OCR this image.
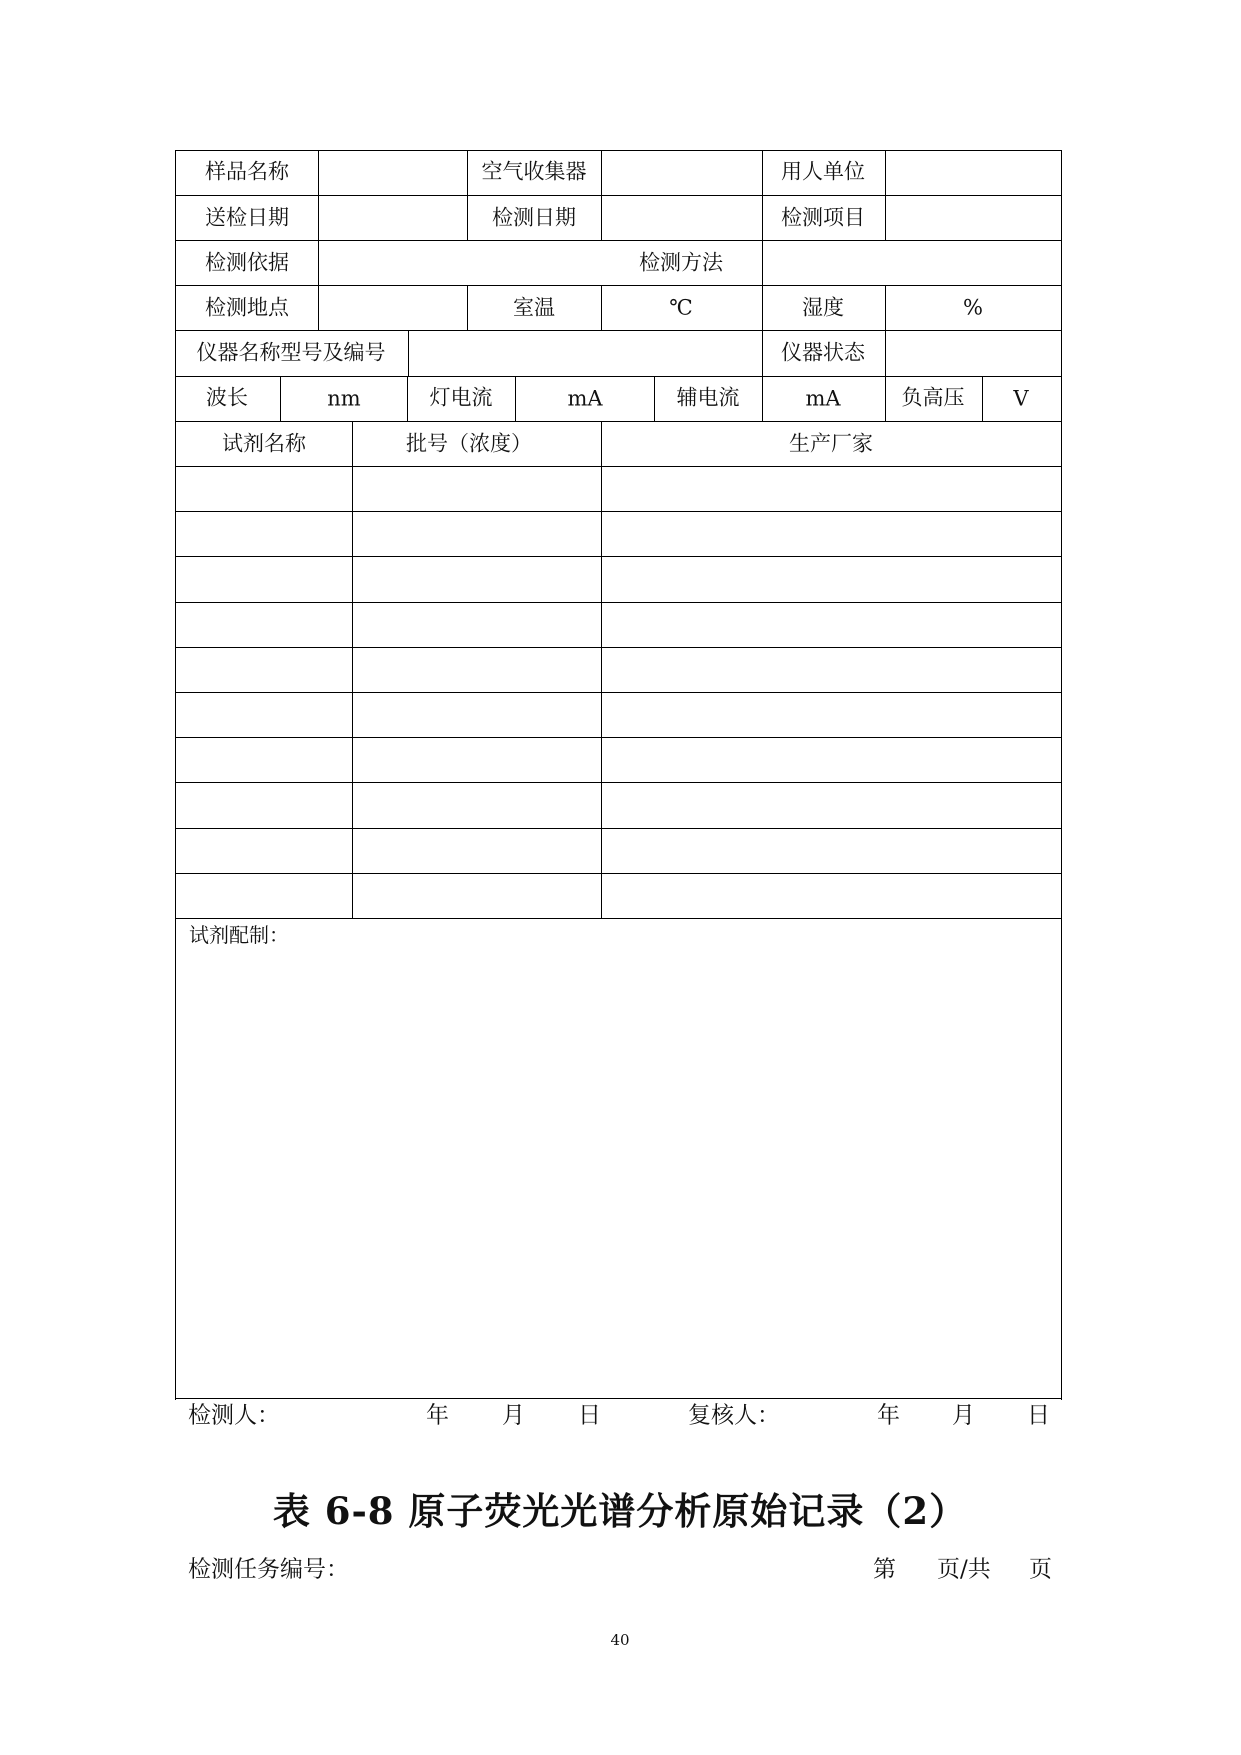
样品名称	空气收集器	用人单位
送检日期	检测日期	检测项目
检测依据	检测方法
检测地点	室温	℃	湿度	%
仪器名称型号及编号	仪器状态
波长	nm	灯电流	mA	辅电流	mA	负高压 V
试剂名称	批号（浓度）	生产厂家
试剂配制：
检测人：	年 月 日	复核人：	年 月 日
表 6-8 原子荧光光谱分析原始记录（2）
检测任务编号：	第 页/共 页
40
